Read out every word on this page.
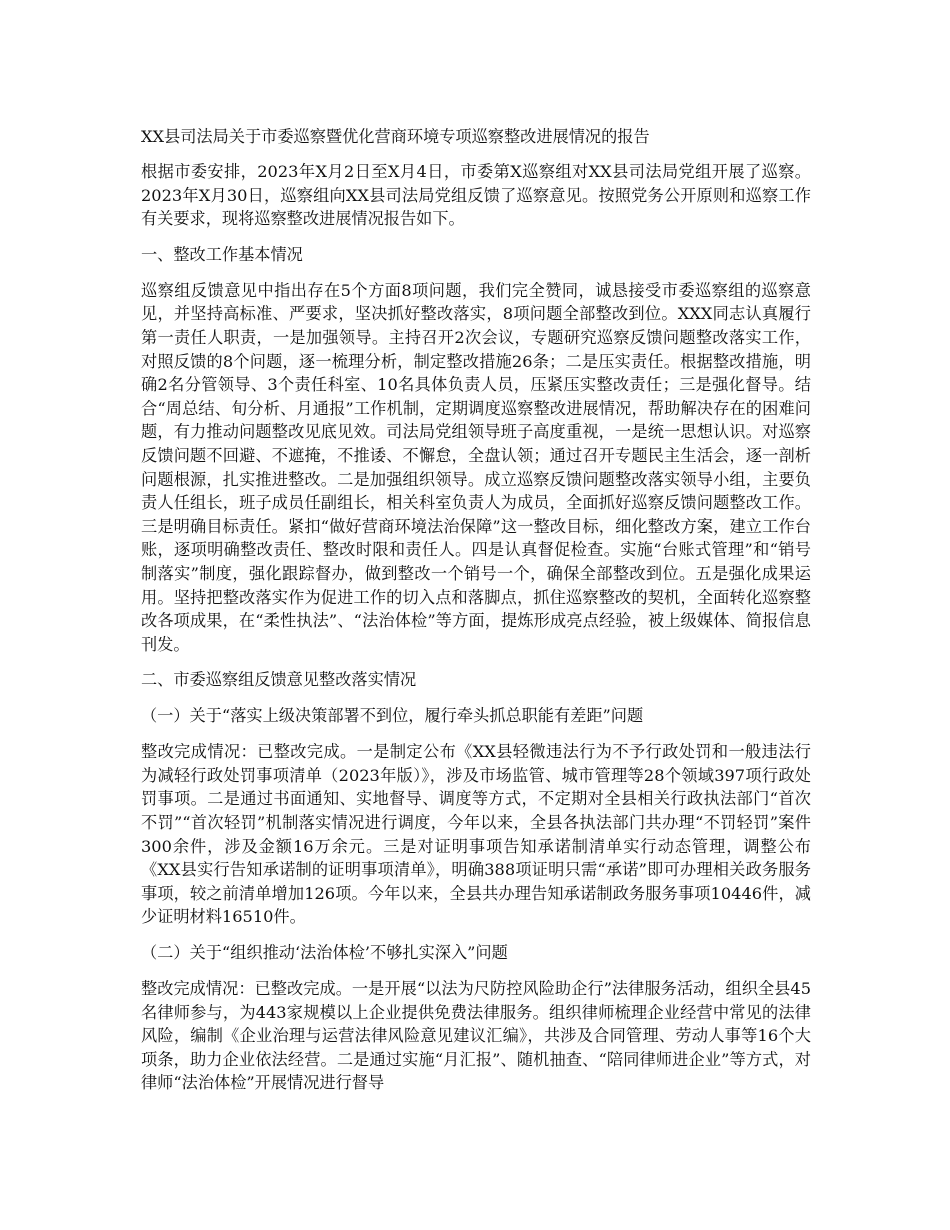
XX县司法局关于市委巡察暨优化营商环境专项巡察整改进展情况的报告

根据市委安排，2023年X月2日至X月4日，市委第X巡察组对XX县司法局党组开展了巡察。2023年X月30日，巡察组向XX县司法局党组反馈了巡察意见。按照党务公开原则和巡察工作有关要求，现将巡察整改进展情况报告如下。

一、整改工作基本情况

巡察组反馈意见中指出存在5个方面8项问题，我们完全赞同，诚恳接受市委巡察组的巡察意见，并坚持高标准、严要求，坚决抓好整改落实，8项问题全部整改到位。XXX同志认真履行第一责任人职责，一是加强领导。主持召开2次会议，专题研究巡察反馈问题整改落实工作，对照反馈的8个问题，逐一梳理分析，制定整改措施26条；二是压实责任。根据整改措施，明确2名分管领导、3个责任科室、10名具体负责人员，压紧压实整改责任；三是强化督导。结合“周总结、旬分析、月通报”工作机制，定期调度巡察整改进展情况，帮助解决存在的困难问题，有力推动问题整改见底见效。司法局党组领导班子高度重视，一是统一思想认识。对巡察反馈问题不回避、不遮掩，不推诿、不懈怠，全盘认领；通过召开专题民主生活会，逐一剖析问题根源，扎实推进整改。二是加强组织领导。成立巡察反馈问题整改落实领导小组，主要负责人任组长，班子成员任副组长，相关科室负责人为成员，全面抓好巡察反馈问题整改工作。三是明确目标责任。紧扣“做好营商环境法治保障”这一整改目标，细化整改方案，建立工作台账，逐项明确整改责任、整改时限和责任人。四是认真督促检查。实施“台账式管理”和“销号制落实”制度，强化跟踪督办，做到整改一个销号一个，确保全部整改到位。五是强化成果运用。坚持把整改落实作为促进工作的切入点和落脚点，抓住巡察整改的契机，全面转化巡察整改各项成果，在“柔性执法”、“法治体检”等方面，提炼形成亮点经验，被上级媒体、简报信息刊发。

二、市委巡察组反馈意见整改落实情况
（一）关于“落实上级决策部署不到位，履行牵头抓总职能有差距”问题

整改完成情况：已整改完成。一是制定公布《XX县轻微违法行为不予行政处罚和一般违法行为减轻行政处罚事项清单（2023年版）》，涉及市场监管、城市管理等28个领域397项行政处罚事项。二是通过书面通知、实地督导、调度等方式，不定期对全县相关行政执法部门“首次不罚”“首次轻罚”机制落实情况进行调度，今年以来，全县各执法部门共办理“不罚轻罚”案件300余件，涉及金额16万余元。三是对证明事项告知承诺制清单实行动态管理，调整公布《XX县实行告知承诺制的证明事项清单》，明确388项证明只需“承诺”即可办理相关政务服务事项，较之前清单增加126项。今年以来，全县共办理告知承诺制政务服务事项10446件，减少证明材料16510件。

（二）关于“组织推动‘法治体检’不够扎实深入”问题

整改完成情况：已整改完成。一是开展“以法为尺防控风险助企行”法律服务活动，组织全县45名律师参与，为443家规模以上企业提供免费法律服务。组织律师梳理企业经营中常见的法律风险，编制《企业治理与运营法律风险意见建议汇编》，共涉及合同管理、劳动人事等16个大项条，助力企业依法经营。二是通过实施“月汇报”、随机抽查、“陪同律师进企业”等方式，对律师“法治体检”开展情况进行督导
